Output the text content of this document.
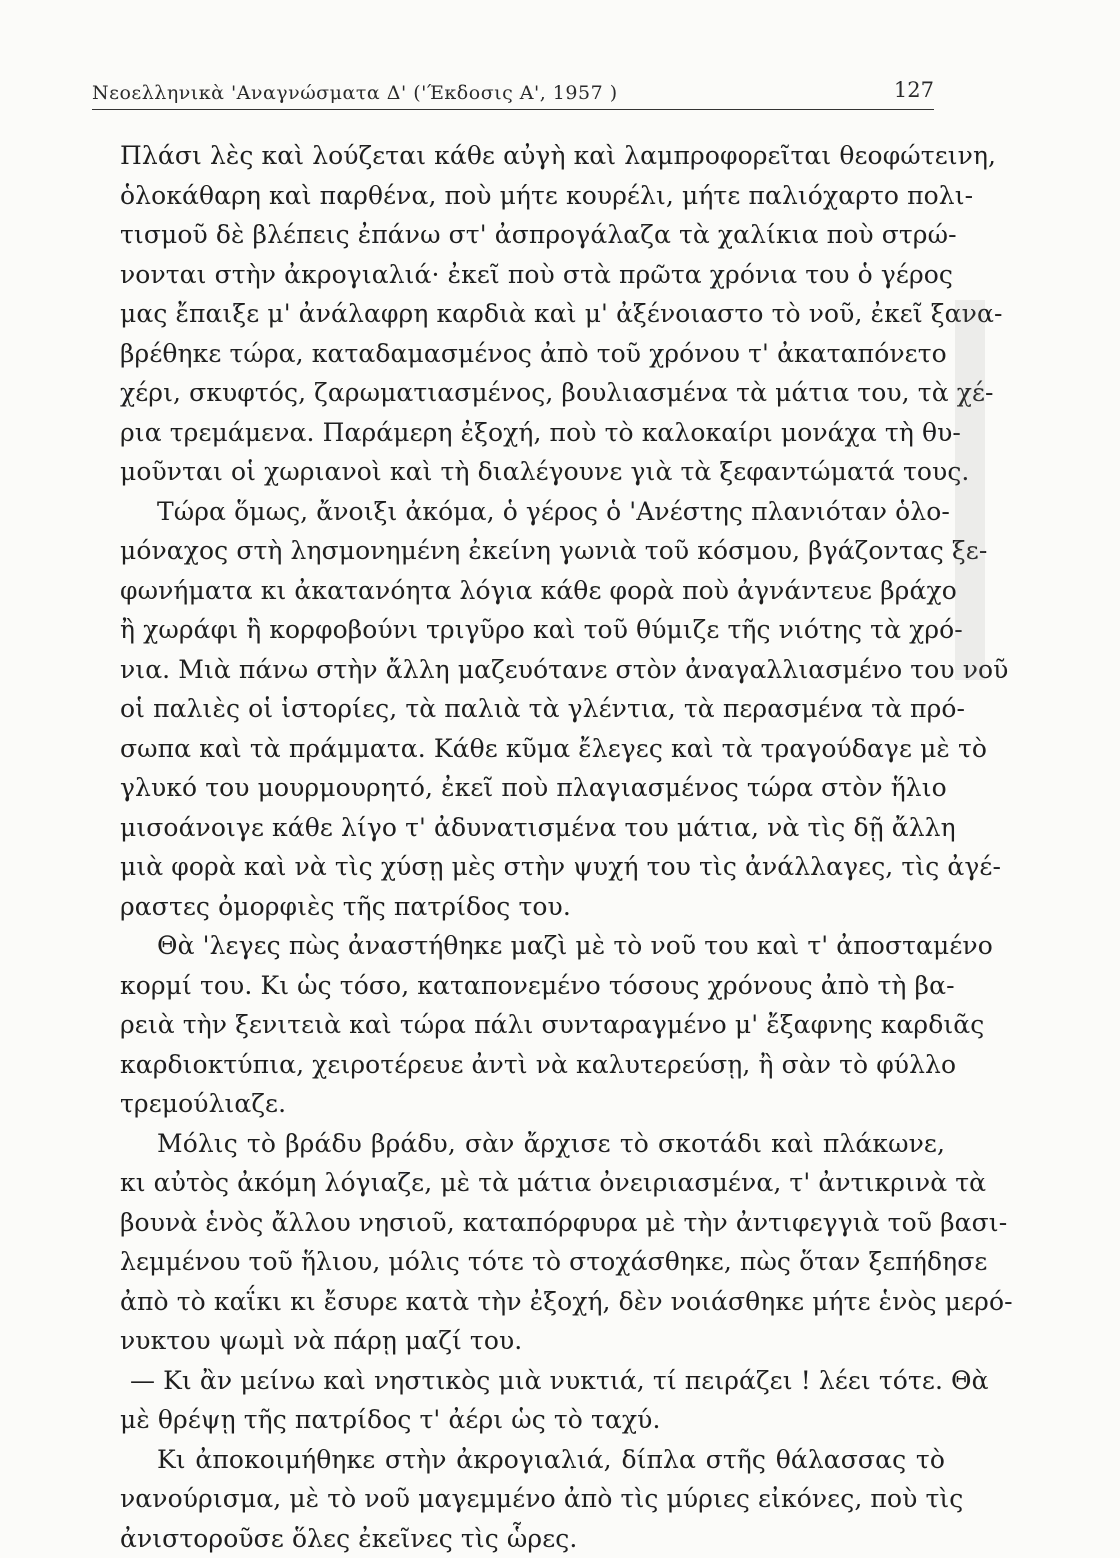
Νεοελληνικὰ 'Αναγνώσματα Δ' ('Έκδοσις Α', 1957 )	127
Πλάσι λὲς καὶ λούζεται κάθε αὐγὴ καὶ λαμπροφορεῖται θεοφώτεινη,
ὁλοκάθαρη καὶ παρθένα, ποὺ μήτε κουρέλι, μήτε παλιόχαρτο πολι-
τισμοῦ δὲ βλέπεις ἐπάνω στ' ἀσπρογάλαζα τὰ χαλίκια ποὺ στρώ-
νονται στὴν ἀκρογιαλιά· ἐκεῖ ποὺ στὰ πρῶτα χρόνια του ὁ γέρος
μας ἔπαιξε μ' ἀνάλαφρη καρδιὰ καὶ μ' ἀξένοιαστο τὸ νοῦ, ἐκεῖ ξανα-
βρέθηκε τώρα, καταδαμασμένος ἀπὸ τοῦ χρόνου τ' ἀκαταπόνετο
χέρι, σκυφτός, ζαρωματιασμένος, βουλιασμένα τὰ μάτια του, τὰ χέ-
ρια τρεμάμενα. Παράμερη ἐξοχή, ποὺ τὸ καλοκαίρι μονάχα τὴ θυ-
μοῦνται οἱ χωριανοὶ καὶ τὴ διαλέγουνε γιὰ τὰ ξεφαντώματά τους.
Τώρα ὅμως, ἄνοιξι ἀκόμα, ὁ γέρος ὁ 'Ανέστης πλανιόταν ὁλο-
μόναχος στὴ λησμονημένη ἐκείνη γωνιὰ τοῦ κόσμου, βγάζοντας ξε-
φωνήματα κι ἀκατανόητα λόγια κάθε φορὰ ποὺ ἀγνάντευε βράχο
ἢ χωράφι ἢ κορφοβούνι τριγῦρο καὶ τοῦ θύμιζε τῆς νιότης τὰ χρό-
νια. Μιὰ πάνω στὴν ἄλλη μαζευότανε στὸν ἀναγαλλιασμένο του νοῦ
οἱ παλιὲς οἱ ἱστορίες, τὰ παλιὰ τὰ γλέντια, τὰ περασμένα τὰ πρό-
σωπα καὶ τὰ πράμματα. Κάθε κῦμα ἔλεγες καὶ τὰ τραγούδαγε μὲ τὸ
γλυκό του μουρμουρητό, ἐκεῖ ποὺ πλαγιασμένος τώρα στὸν ἥλιο
μισοάνοιγε κάθε λίγο τ' ἀδυνατισμένα του μάτια, νὰ τὶς δῇ ἄλλη
μιὰ φορὰ καὶ νὰ τὶς χύσῃ μὲς στὴν ψυχή του τὶς ἀνάλλαγες, τὶς ἀγέ-
ραστες ὀμορφιὲς τῆς πατρίδος του.
Θὰ 'λεγες πὼς ἀναστήθηκε μαζὶ μὲ τὸ νοῦ του καὶ τ' ἀποσταμένο
κορμί του. Κι ὡς τόσο, καταπονεμένο τόσους χρόνους ἀπὸ τὴ βα-
ρειὰ τὴν ξενιτειὰ καὶ τώρα πάλι συνταραγμένο μ' ἔξαφνης καρδιᾶς
καρδιοκτύπια, χειροτέρευε ἀντὶ νὰ καλυτερεύσῃ, ἢ σὰν τὸ φύλλο
τρεμούλιαζε.
Μόλις τὸ βράδυ βράδυ, σὰν ἄρχισε τὸ σκοτάδι καὶ πλάκωνε,
κι αὐτὸς ἀκόμη λόγιαζε, μὲ τὰ μάτια ὀνειριασμένα, τ' ἀντικρινὰ τὰ
βουνὰ ἑνὸς ἄλλου νησιοῦ, καταπόρφυρα μὲ τὴν ἀντιφεγγιὰ τοῦ βασι-
λεμμένου τοῦ ἥλιου, μόλις τότε τὸ στοχάσθηκε, πὼς ὅταν ξεπήδησε
ἀπὸ τὸ καΐκι κι ἔσυρε κατὰ τὴν ἐξοχή, δὲν νοιάσθηκε μήτε ἑνὸς μερό-
νυκτου ψωμὶ νὰ πάρῃ μαζί του.
— Κι ἂν μείνω καὶ νηστικὸς μιὰ νυκτιά, τί πειράζει ! λέει τότε. Θὰ
μὲ θρέψῃ τῆς πατρίδος τ' ἀέρι ὡς τὸ ταχύ.
Κι ἀποκοιμήθηκε στὴν ἀκρογιαλιά, δίπλα στῆς θάλασσας τὸ
νανούρισμα, μὲ τὸ νοῦ μαγεμμένο ἀπὸ τὶς μύριες εἰκόνες, ποὺ τὶς
ἀνιστοροῦσε ὅλες ἐκεῖνες τὶς ὧρες.
